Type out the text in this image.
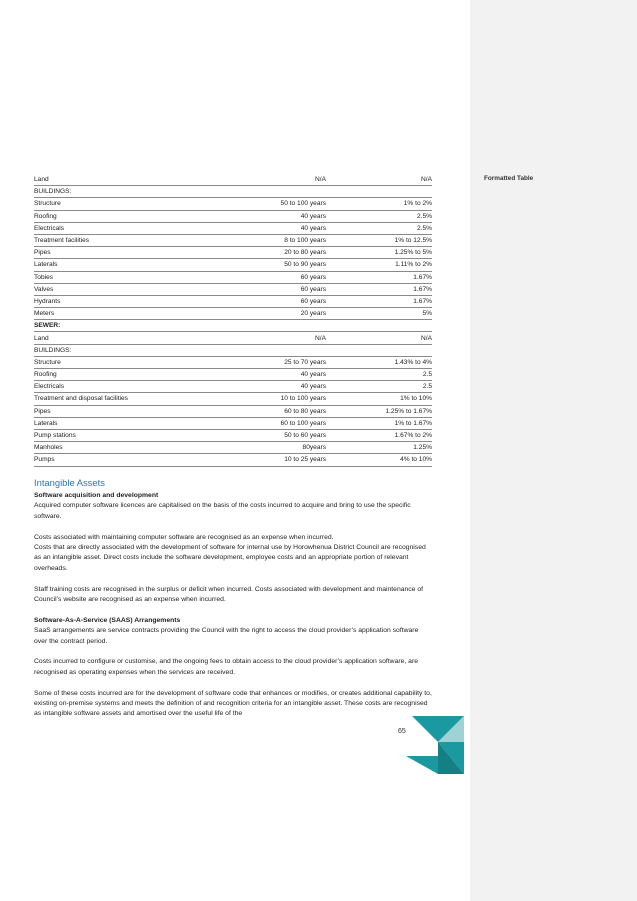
Formatted Table
Land	N/A	N/A
BUILDINGS:		
Structure	50 to 100 years	1% to 2%
Roofing	40 years	2.5%
Electricals	40 years	2.5%
Treatment facilities	8 to 100 years	1% to 12.5%
Pipes	20 to 80 years	1.25% to 5%
Laterals	50 to 90 years	1.11% to 2%
Tobies	60 years	1.67%
Valves	60 years	1.67%
Hydrants	60 years	1.67%
Meters	20 years	5%
SEWER:		
Land	N/A	N/A
BUILDINGS:		
Structure	25 to 70 years	1.43% to 4%
Roofing	40 years	2.5
Electricals	40 years	2.5
Treatment and disposal facilities	10 to 100 years	1% to 10%
Pipes	60 to 80 years	1.25% to 1.67%
Laterals	60 to 100 years	1% to 1.67%
Pump stations	50 to 60 years	1.67% to 2%
Manholes	80years	1.25%
Pumps	10 to 25 years	4% to 10%

Intangible Assets

Software acquisition and development

Acquired computer software licences are capitalised on the basis of the costs incurred to acquire and bring to use the specific software.

Costs associated with maintaining computer software are recognised as an expense when incurred.

Costs that are directly associated with the development of software for internal use by Horowhenua District Council are recognised as an intangible asset. Direct costs include the software development, employee costs and an appropriate portion of relevant overheads.

Staff training costs are recognised in the surplus or deficit when incurred. Costs associated with development and maintenance of Council’s website are recognised as an expense when incurred.

Software-As-A-Service (SAAS) Arrangements

SaaS arrangements are service contracts providing the Council with the right to access the cloud provider’s application software over the contract period.

Costs incurred to configure or customise, and the ongoing fees to obtain access to the cloud provider’s application software, are recognised as operating expenses when the services are received.

Some of these costs incurred are for the development of software code that enhances or modifies, or creates additional capability to, existing on-premise systems and meets the definition of and recognition criteria for an intangible asset. These costs are recognised as intangible software assets and amortised over the useful life of the

65
